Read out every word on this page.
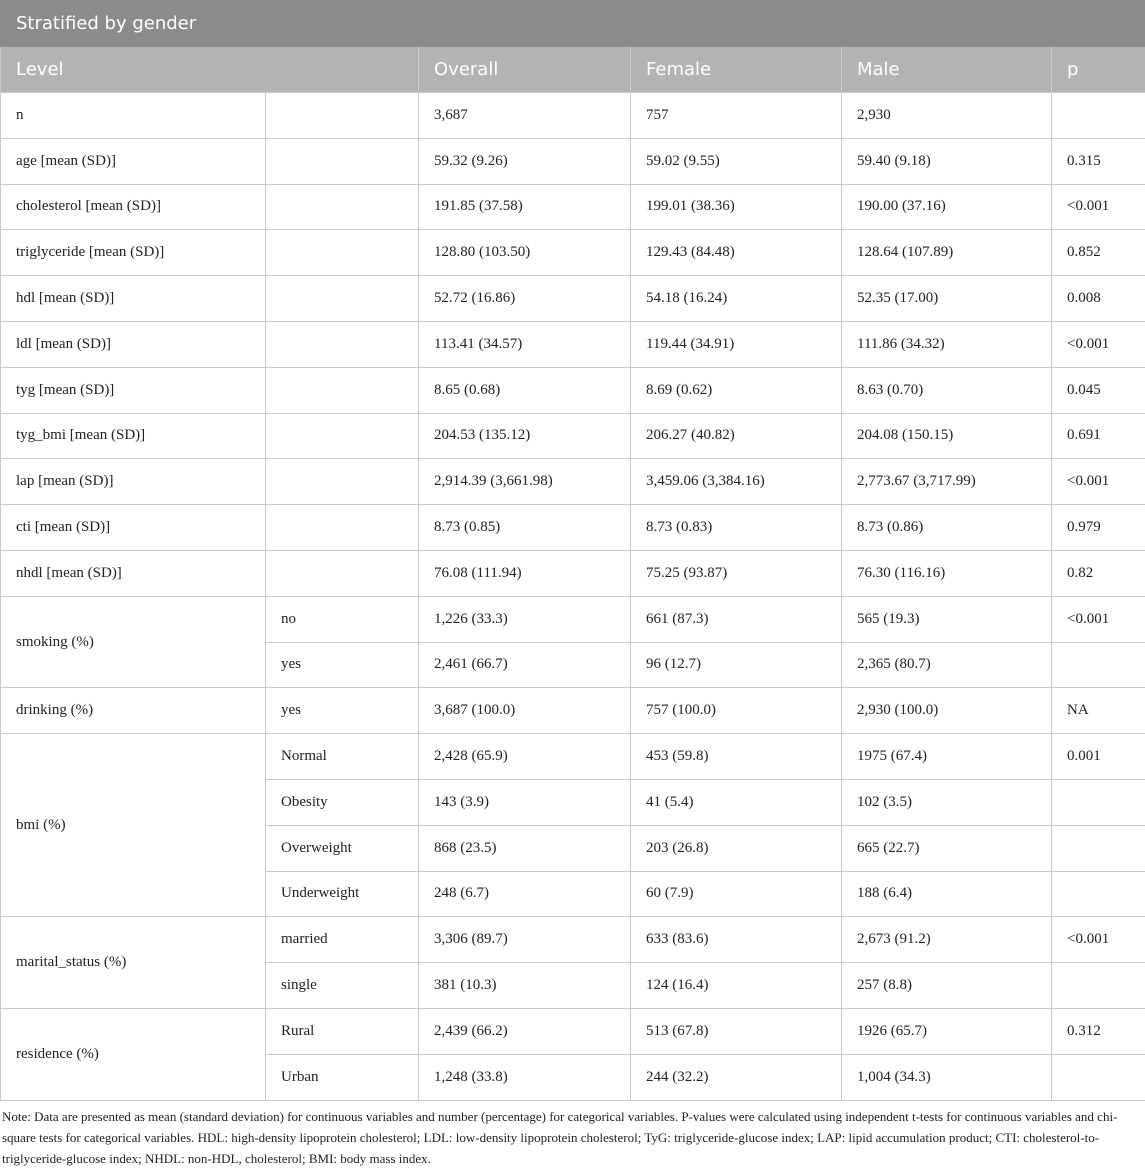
Stratified by gender					
Level		Overall	Female	Male	p
n		3,687	757	2,930	
age [mean (SD)]		59.32 (9.26)	59.02 (9.55)	59.40 (9.18)	0.315
cholesterol [mean (SD)]		191.85 (37.58)	199.01 (38.36)	190.00 (37.16)	<0.001
triglyceride [mean (SD)]		128.80 (103.50)	129.43 (84.48)	128.64 (107.89)	0.852
hdl [mean (SD)]		52.72 (16.86)	54.18 (16.24)	52.35 (17.00)	0.008
ldl [mean (SD)]		113.41 (34.57)	119.44 (34.91)	111.86 (34.32)	<0.001
tyg [mean (SD)]		8.65 (0.68)	8.69 (0.62)	8.63 (0.70)	0.045
tyg_bmi [mean (SD)]		204.53 (135.12)	206.27 (40.82)	204.08 (150.15)	0.691
lap [mean (SD)]		2,914.39 (3,661.98)	3,459.06 (3,384.16)	2,773.67 (3,717.99)	<0.001
cti [mean (SD)]		8.73 (0.85)	8.73 (0.83)	8.73 (0.86)	0.979
nhdl [mean (SD)]		76.08 (111.94)	75.25 (93.87)	76.30 (116.16)	0.82
smoking (%)	no	1,226 (33.3)	661 (87.3)	565 (19.3)	<0.001
	yes	2,461 (66.7)	96 (12.7)	2,365 (80.7)	
drinking (%)	yes	3,687 (100.0)	757 (100.0)	2,930 (100.0)	NA
bmi (%)	Normal	2,428 (65.9)	453 (59.8)	1975 (67.4)	0.001
	Obesity	143 (3.9)	41 (5.4)	102 (3.5)	
	Overweight	868 (23.5)	203 (26.8)	665 (22.7)	
	Underweight	248 (6.7)	60 (7.9)	188 (6.4)	
marital_status (%)	married	3,306 (89.7)	633 (83.6)	2,673 (91.2)	<0.001
	single	381 (10.3)	124 (16.4)	257 (8.8)	
residence (%)	Rural	2,439 (66.2)	513 (67.8)	1926 (65.7)	0.312
	Urban	1,248 (33.8)	244 (32.2)	1,004 (34.3)	
Note: Data are presented as mean (standard deviation) for continuous variables and number (percentage) for categorical variables. P-values were calculated using independent t-tests for continuous variables and chi-square tests for categorical variables. HDL: high-density lipoprotein cholesterol; LDL: low-density lipoprotein cholesterol; TyG: triglyceride-glucose index; LAP: lipid accumulation product; CTI: cholesterol-to-triglyceride-glucose index; NHDL: non-HDL, cholesterol; BMI: body mass index.
